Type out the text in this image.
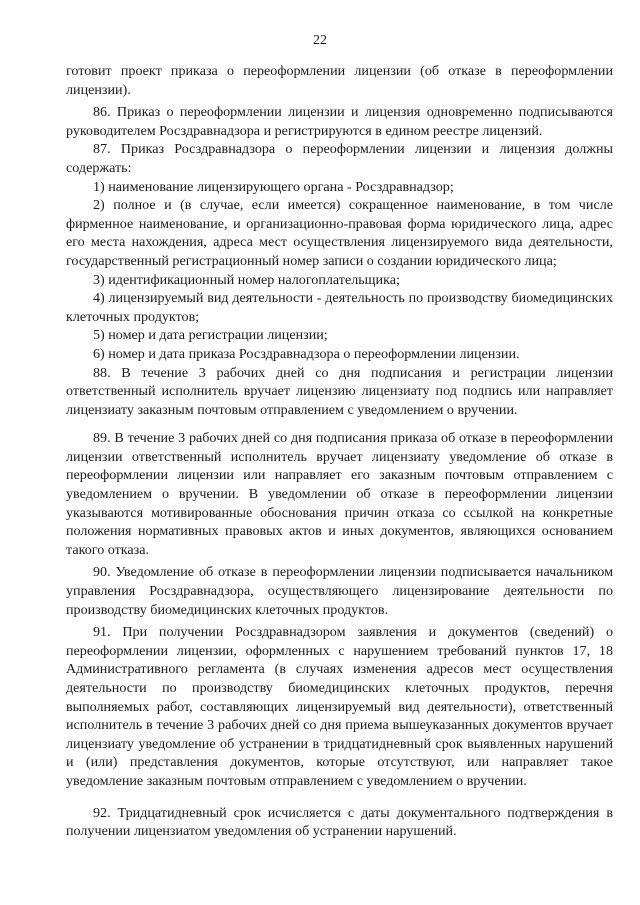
22

готовит проект приказа о переоформлении лицензии (об отказе в переоформлении лицензии).

86. Приказ о переоформлении лицензии и лицензия одновременно подписываются руководителем Росздравнадзора и регистрируются в едином реестре лицензий.

87. Приказ Росздравнадзора о переоформлении лицензии и лицензия должны содержать:

1) наименование лицензирующего органа - Росздравнадзор;

2) полное и (в случае, если имеется) сокращенное наименование, в том числе фирменное наименование, и организационно-правовая форма юридического лица, адрес его места нахождения, адреса мест осуществления лицензируемого вида деятельности, государственный регистрационный номер записи о создании юридического лица;

3) идентификационный номер налогоплательщика;

4) лицензируемый вид деятельности - деятельность по производству биомедицинских клеточных продуктов;

5) номер и дата регистрации лицензии;

6) номер и дата приказа Росздравнадзора о переоформлении лицензии.

88. В течение 3 рабочих дней со дня подписания и регистрации лицензии ответственный исполнитель вручает лицензию лицензиату под подпись или направляет лицензиату заказным почтовым отправлением с уведомлением о вручении.

89. В течение 3 рабочих дней со дня подписания приказа об отказе в переоформлении лицензии ответственный исполнитель вручает лицензиату уведомление об отказе в переоформлении лицензии или направляет его заказным почтовым отправлением с уведомлением о вручении. В уведомлении об отказе в переоформлении лицензии указываются мотивированные обоснования причин отказа со ссылкой на конкретные положения нормативных правовых актов и иных документов, являющихся основанием такого отказа.

90. Уведомление об отказе в переоформлении лицензии подписывается начальником управления Росздравнадзора, осуществляющего лицензирование деятельности по производству биомедицинских клеточных продуктов.

91. При получении Росздравнадзором заявления и документов (сведений) о переоформлении лицензии, оформленных с нарушением требований пунктов 17, 18 Административного регламента (в случаях изменения адресов мест осуществления деятельности по производству биомедицинских клеточных продуктов, перечня выполняемых работ, составляющих лицензируемый вид деятельности), ответственный исполнитель в течение 3 рабочих дней со дня приема вышеуказанных документов вручает лицензиату уведомление об устранении в тридцатидневный срок выявленных нарушений и (или) представления документов, которые отсутствуют, или направляет такое уведомление заказным почтовым отправлением с уведомлением о вручении.

92. Тридцатидневный срок исчисляется с даты документального подтверждения в получении лицензиатом уведомления об устранении нарушений.
